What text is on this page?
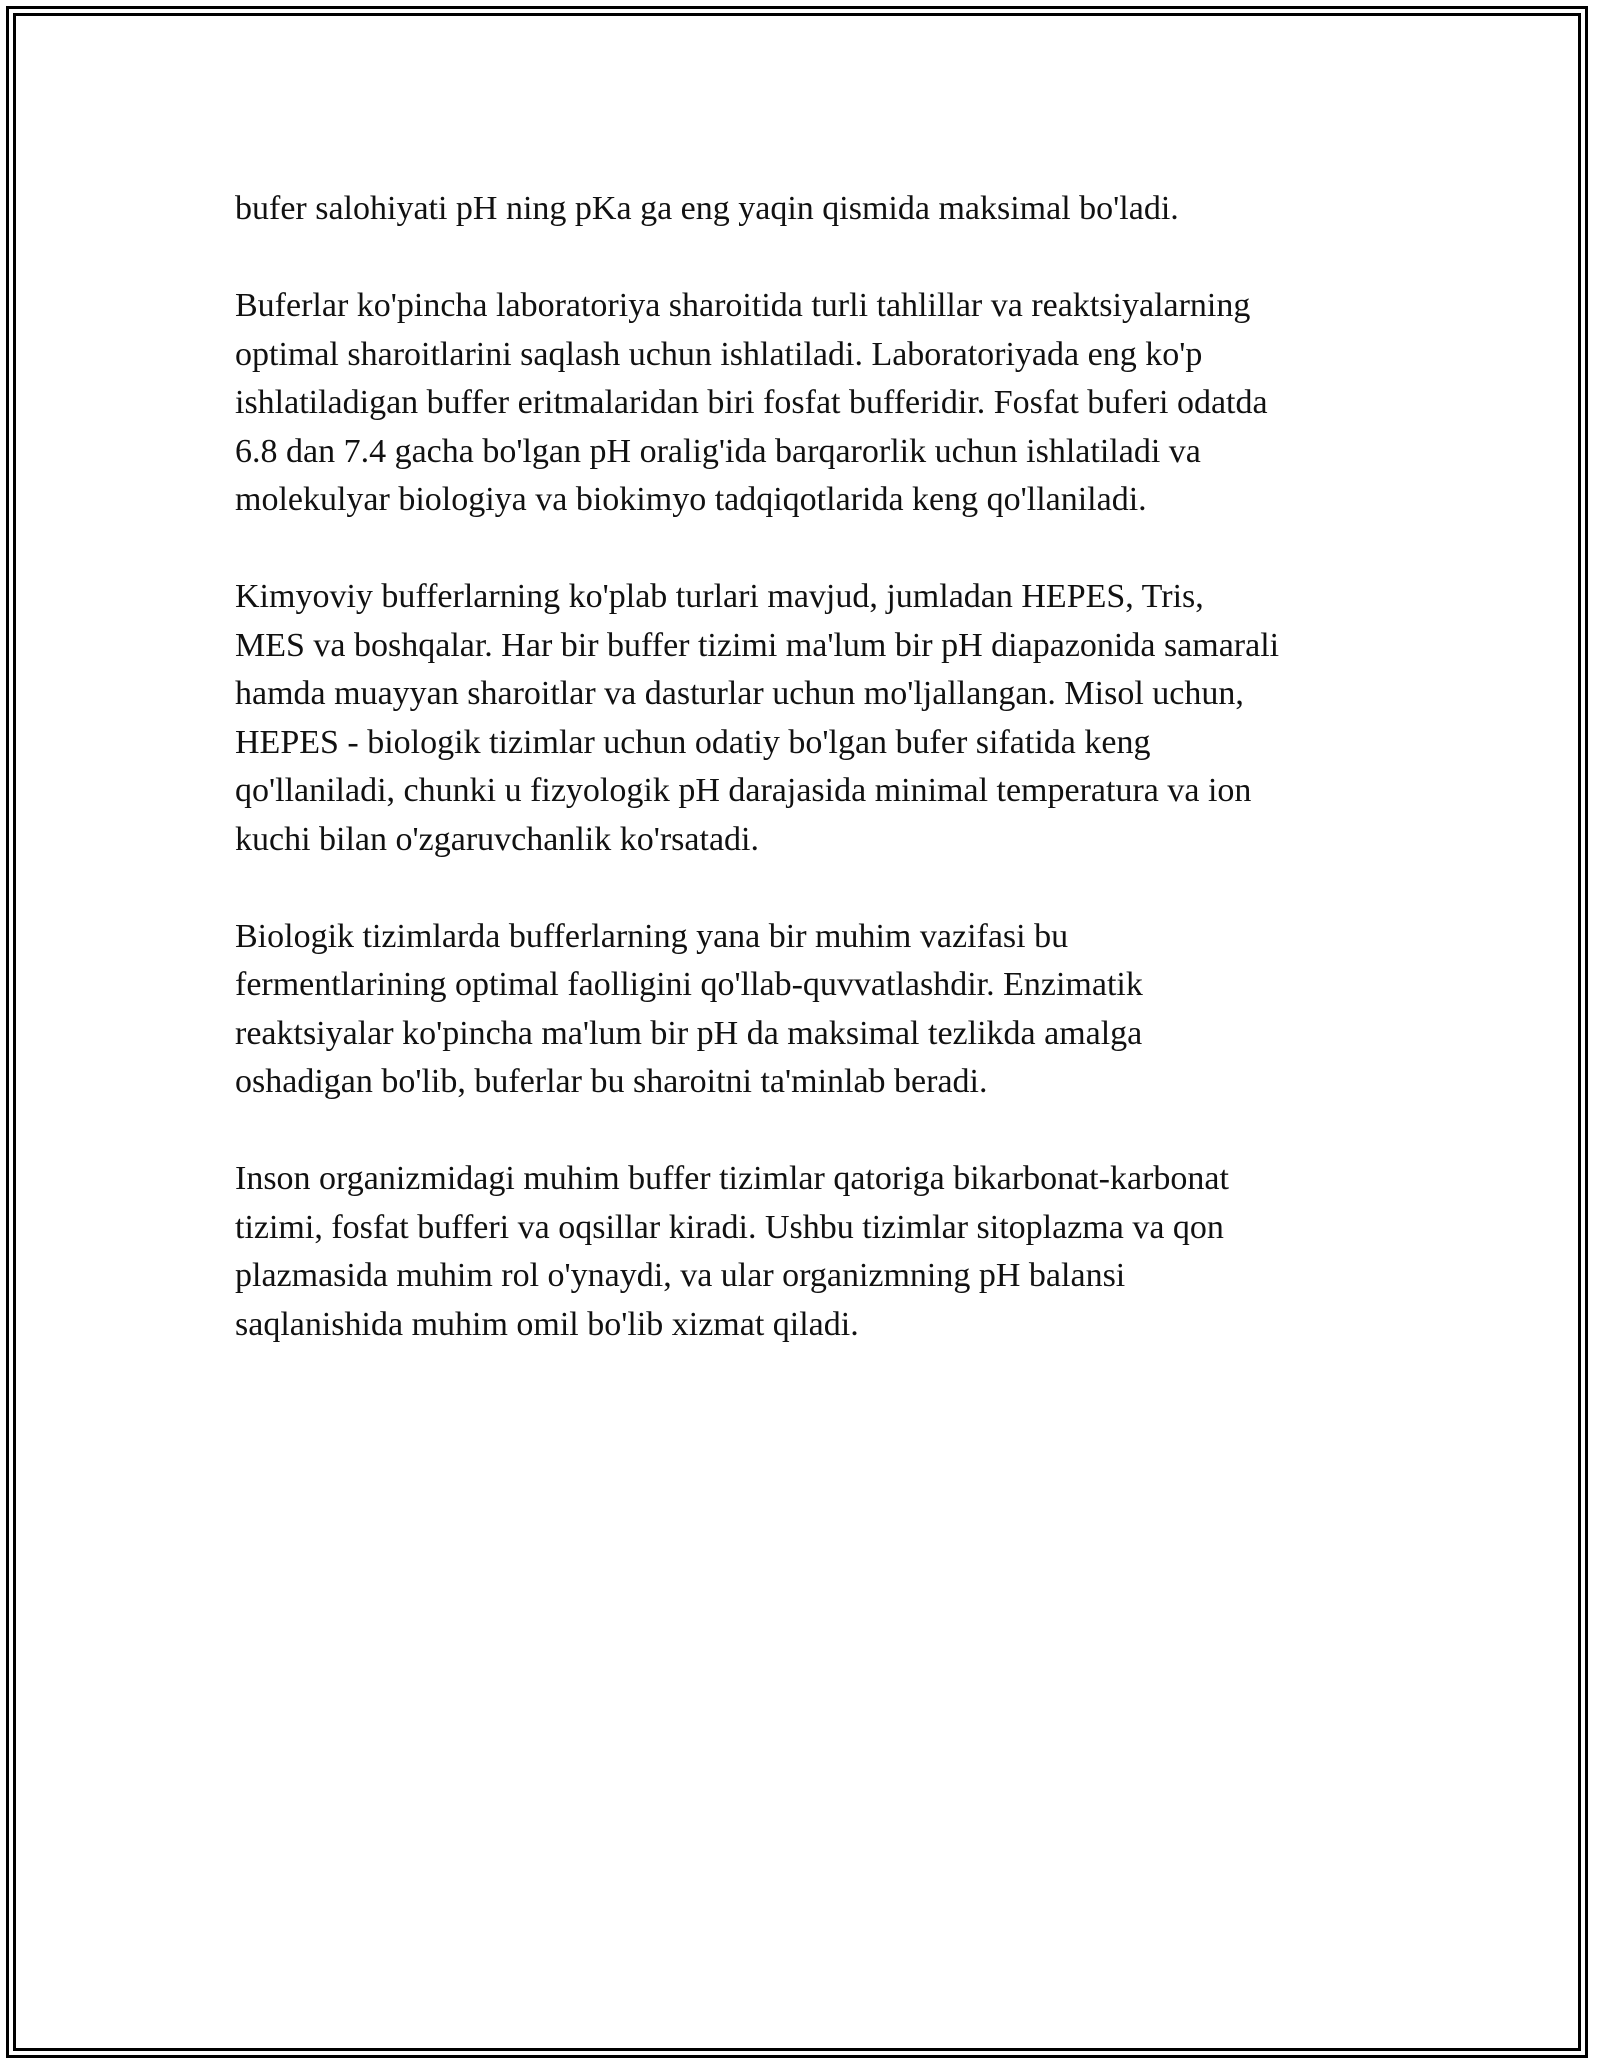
bufer salohiyati pH ning pKa ga eng yaqin qismida maksimal bo'ladi.

Buferlar ko'pincha laboratoriya sharoitida turli tahlillar va reaktsiyalarning
optimal sharoitlarini saqlash uchun ishlatiladi. Laboratoriyada eng ko'p
ishlatiladigan buffer eritmalaridan biri fosfat bufferidir. Fosfat buferi odatda
6.8 dan 7.4 gacha bo'lgan pH oralig'ida barqarorlik uchun ishlatiladi va
molekulyar biologiya va biokimyo tadqiqotlarida keng qo'llaniladi.

Kimyoviy bufferlarning ko'plab turlari mavjud, jumladan HEPES, Tris,
MES va boshqalar. Har bir buffer tizimi ma'lum bir pH diapazonida samarali
hamda muayyan sharoitlar va dasturlar uchun mo'ljallangan. Misol uchun,
HEPES - biologik tizimlar uchun odatiy bo'lgan bufer sifatida keng
qo'llaniladi, chunki u fizyologik pH darajasida minimal temperatura va ion
kuchi bilan o'zgaruvchanlik ko'rsatadi.

Biologik tizimlarda bufferlarning yana bir muhim vazifasi bu
fermentlarining optimal faolligini qo'llab-quvvatlashdir. Enzimatik
reaktsiyalar ko'pincha ma'lum bir pH da maksimal tezlikda amalga
oshadigan bo'lib, buferlar bu sharoitni ta'minlab beradi.

Inson organizmidagi muhim buffer tizimlar qatoriga bikarbonat-karbonat
tizimi, fosfat bufferi va oqsillar kiradi. Ushbu tizimlar sitoplazma va qon
plazmasida muhim rol o'ynaydi, va ular organizmning pH balansi
saqlanishida muhim omil bo'lib xizmat qiladi.
